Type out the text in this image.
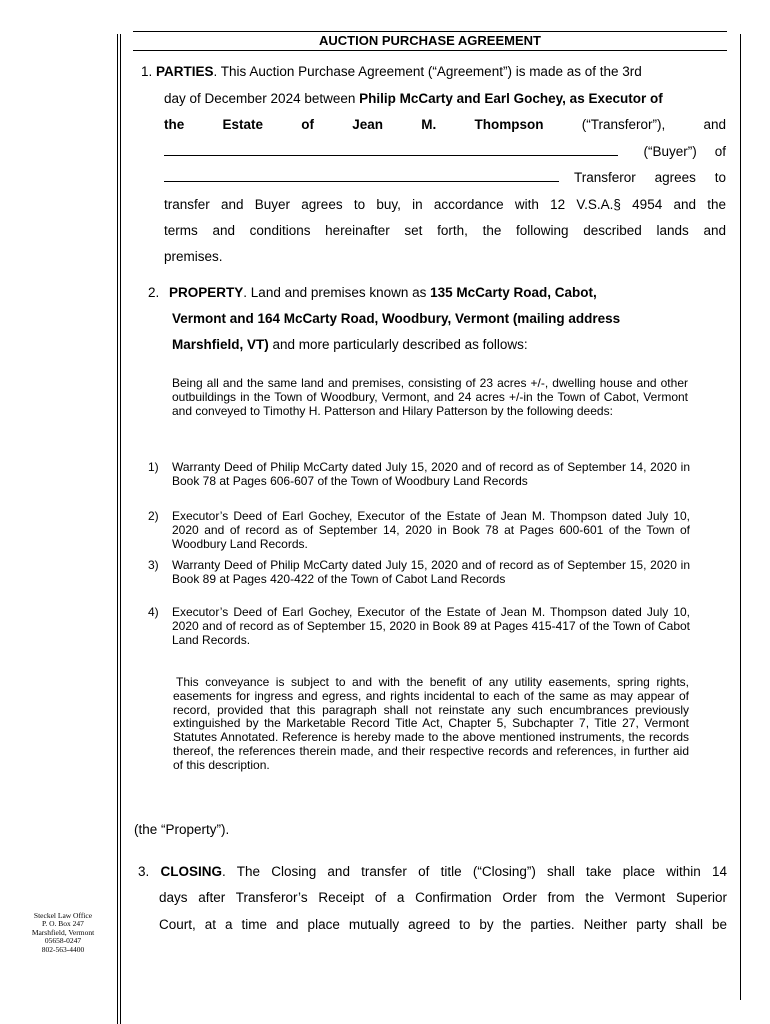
AUCTION PURCHASE AGREEMENT
1. PARTIES. This Auction Purchase Agreement (“Agreement”) is made as of the 3rd
day of December 2024 between Philip McCarty and Earl Gochey, as Executor of
the	Estate	of	Jean	M.	Thompson	(“Transferor”),	and
(“Buyer”) of
Transferor agrees to
transfer and Buyer agrees to buy, in accordance with 12 V.S.A.§ 4954 and the
terms and conditions hereinafter set forth, the following described lands and
premises.
2. PROPERTY. Land and premises known as 135 McCarty Road, Cabot,
Vermont and 164 McCarty Road, Woodbury, Vermont (mailing address
Marshfield, VT) and more particularly described as follows:
Being all and the same land and premises, consisting of 23 acres +/-, dwelling house and other outbuildings in the Town of Woodbury, Vermont, and 24 acres +/-in the Town of Cabot, Vermont and conveyed to Timothy H. Patterson and Hilary Patterson by the following deeds:
1) Warranty Deed of Philip McCarty dated July 15, 2020 and of record as of September 14, 2020 in Book 78 at Pages 606-607 of the Town of Woodbury Land Records
2) Executor’s Deed of Earl Gochey, Executor of the Estate of Jean M. Thompson dated July 10, 2020 and of record as of September 14, 2020 in Book 78 at Pages 600-601 of the Town of Woodbury Land Records.
3) Warranty Deed of Philip McCarty dated July 15, 2020 and of record as of September 15, 2020 in Book 89 at Pages 420-422 of the Town of Cabot Land Records
4) Executor’s Deed of Earl Gochey, Executor of the Estate of Jean M. Thompson dated July 10, 2020 and of record as of September 15, 2020 in Book 89 at Pages 415-417 of the Town of Cabot Land Records.
This conveyance is subject to and with the benefit of any utility easements, spring rights, easements for ingress and egress, and rights incidental to each of the same as may appear of record, provided that this paragraph shall not reinstate any such encumbrances previously extinguished by the Marketable Record Title Act, Chapter 5, Subchapter 7, Title 27, Vermont Statutes Annotated. Reference is hereby made to the above mentioned instruments, the records thereof, the references therein made, and their respective records and references, in further aid of this description.
(the “Property”).
3. CLOSING. The Closing and transfer of title (“Closing”) shall take place within 14
days after Transferor’s Receipt of a Confirmation Order from the Vermont Superior
Court, at a time and place mutually agreed to by the parties. Neither party shall be
Steckel Law Office
P. O. Box 247
Marshfield, Vermont
05658-0247
802-563-4400
